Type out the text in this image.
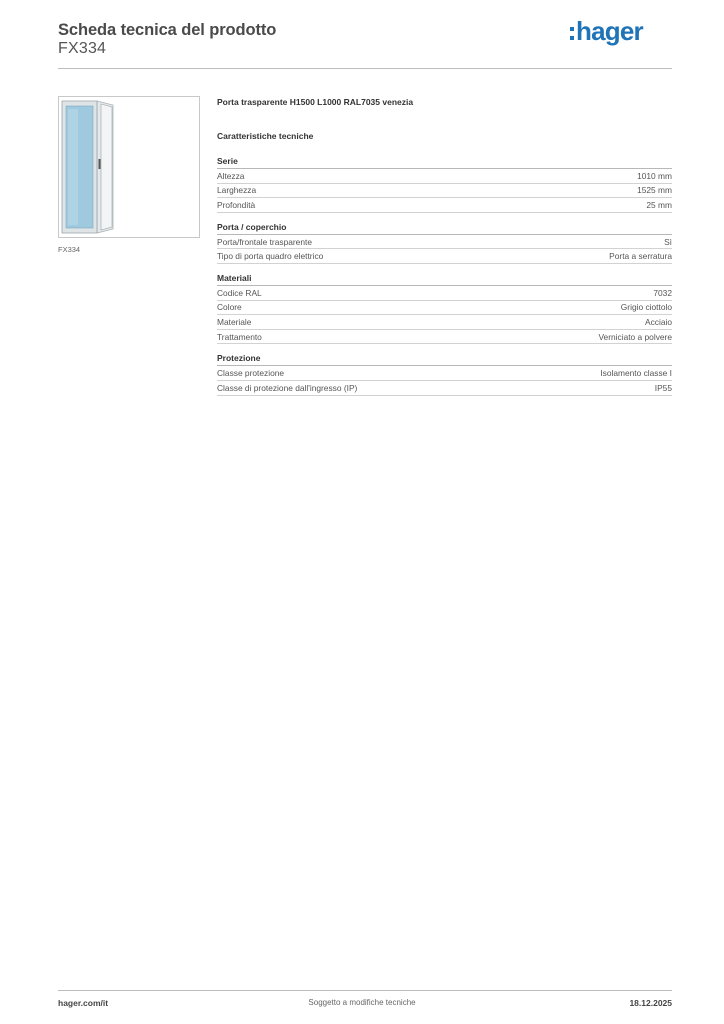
Scheda tecnica del prodotto
FX334
hager
FX334
Porta trasparente H1500 L1000 RAL7035 venezia
Caratteristiche tecniche
Serie
Altezza	1010 mm
Larghezza	1525 mm
Profondità	25 mm
Porta / coperchio
Porta/frontale trasparente	Sì
Tipo di porta quadro elettrico	Porta a serratura
Materiali
Codice RAL	7032
Colore	Grigio ciottolo
Materiale	Acciaio
Trattamento	Verniciato a polvere
Protezione
Classe protezione	Isolamento classe I
Classe di protezione dall'ingresso (IP)	IP55
hager.com/it	Soggetto a modifiche tecniche	18.12.2025
